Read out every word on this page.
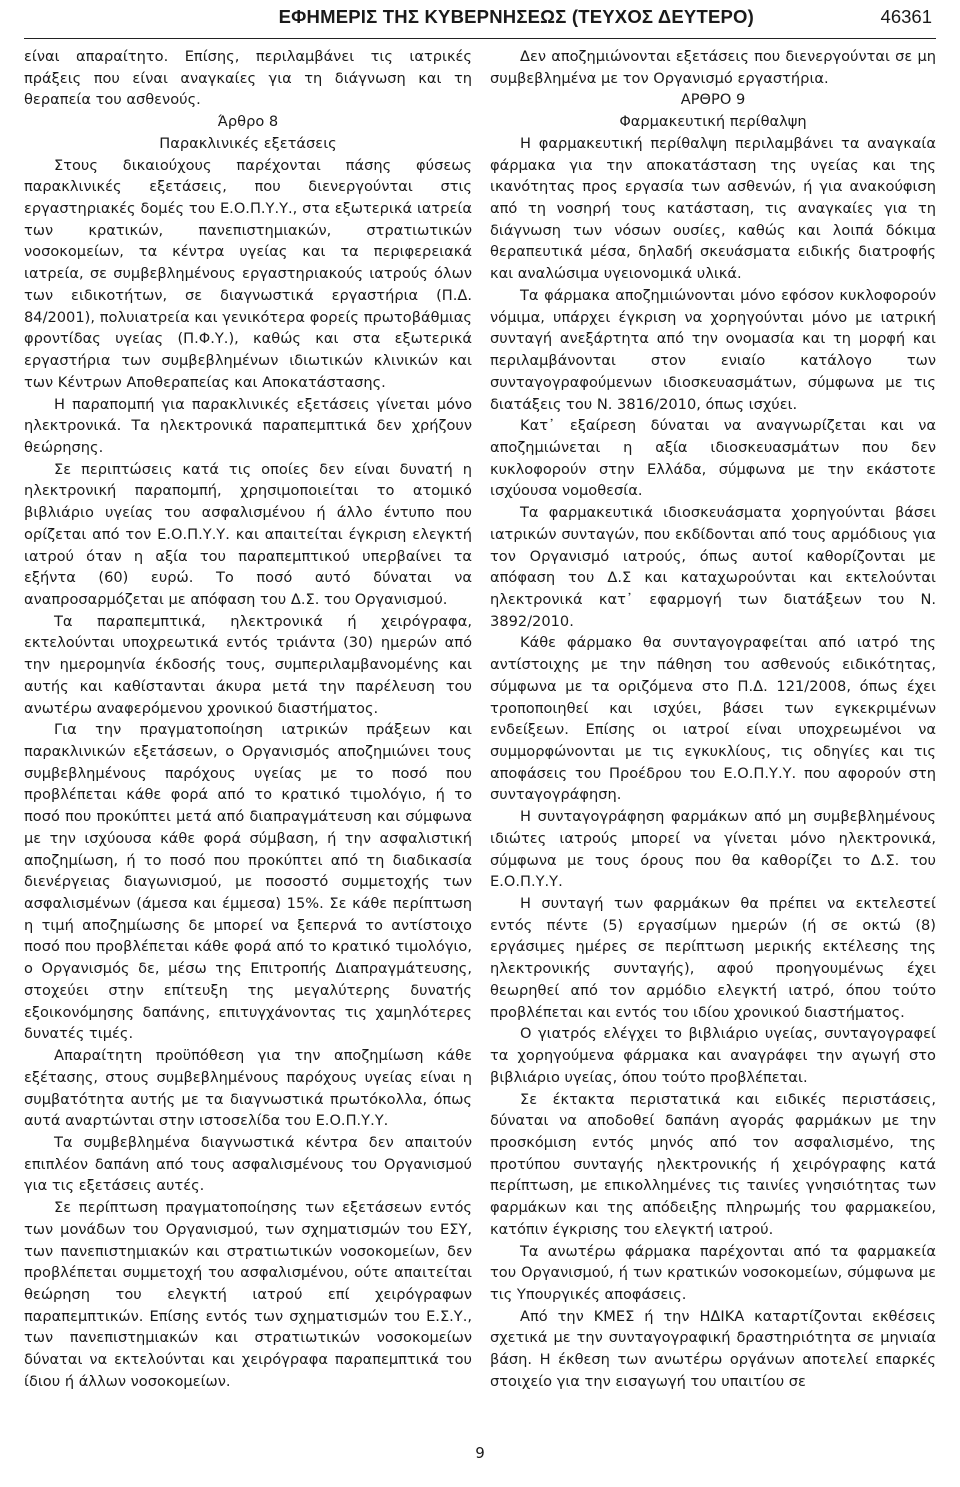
ΕΦΗΜΕΡΙΣ ΤΗΣ ΚΥΒΕΡΝΗΣΕΩΣ (ΤΕΥΧΟΣ ΔΕΥΤΕΡΟ)	46361

είναι απαραίτητο. Επίσης, περιλαμβάνει τις ιατρικές πράξεις που είναι αναγκαίες για τη διάγνωση και τη θεραπεία του ασθενούς.

Άρθρο 8

Παρακλινικές εξετάσεις

Στους δικαιούχους παρέχονται πάσης φύσεως παρακλινικές εξετάσεις, που διενεργούνται στις εργαστηριακές δομές του Ε.Ο.Π.Υ.Υ., στα εξωτερικά ιατρεία των κρατικών, πανεπιστημιακών, στρατιωτικών νοσοκομείων, τα κέντρα υγείας και τα περιφερειακά ιατρεία, σε συμβεβλημένους εργαστηριακούς ιατρούς όλων των ειδικοτήτων, σε διαγνωστικά εργαστήρια (Π.Δ. 84/2001), πολυιατρεία και γενικότερα φορείς πρωτοβάθμιας φροντίδας υγείας (Π.Φ.Υ.), καθώς και στα εξωτερικά εργαστήρια των συμβεβλημένων ιδιωτικών κλινικών και των Κέντρων Αποθεραπείας και Αποκατάστασης.

Η παραπομπή για παρακλινικές εξετάσεις γίνεται μόνο ηλεκτρονικά. Τα ηλεκτρονικά παραπεμπτικά δεν χρήζουν θεώρησης.

Σε περιπτώσεις κατά τις οποίες δεν είναι δυνατή η ηλεκτρονική παραπομπή, χρησιμοποιείται το ατομικό βιβλιάριο υγείας του ασφαλισμένου ή άλλο έντυπο που ορίζεται από τον Ε.Ο.Π.Υ.Υ. και απαιτείται έγκριση ελεγκτή ιατρού όταν η αξία του παραπεμπτικού υπερβαίνει τα εξήντα (60) ευρώ. Το ποσό αυτό δύναται να αναπροσαρμόζεται με απόφαση του Δ.Σ. του Οργανισμού.

Τα παραπεμπτικά, ηλεκτρονικά ή χειρόγραφα, εκτελούνται υποχρεωτικά εντός τριάντα (30) ημερών από την ημερομηνία έκδοσής τους, συμπεριλαμβανομένης και αυτής και καθίστανται άκυρα μετά την παρέλευση του ανωτέρω αναφερόμενου χρονικού διαστήματος.

Για την πραγματοποίηση ιατρικών πράξεων και παρακλινικών εξετάσεων, ο Οργανισμός αποζημιώνει τους συμβεβλημένους παρόχους υγείας με το ποσό που προβλέπεται κάθε φορά από το κρατικό τιμολόγιο, ή το ποσό που προκύπτει μετά από διαπραγμάτευση και σύμφωνα με την ισχύουσα κάθε φορά σύμβαση, ή την ασφαλιστική αποζημίωση, ή το ποσό που προκύπτει από τη διαδικασία διενέργειας διαγωνισμού, με ποσοστό συμμετοχής των ασφαλισμένων (άμεσα και έμμεσα) 15%. Σε κάθε περίπτωση η τιμή αποζημίωσης δε μπορεί να ξεπερνά το αντίστοιχο ποσό που προβλέπεται κάθε φορά από το κρατικό τιμολόγιο, ο Οργανισμός δε, μέσω της Επιτροπής Διαπραγμάτευσης, στοχεύει στην επίτευξη της μεγαλύτερης δυνατής εξοικονόμησης δαπάνης, επιτυγχάνοντας τις χαμηλότερες δυνατές τιμές.

Απαραίτητη προϋπόθεση για την αποζημίωση κάθε εξέτασης, στους συμβεβλημένους παρόχους υγείας είναι η συμβατότητα αυτής με τα διαγνωστικά πρωτόκολλα, όπως αυτά αναρτώνται στην ιστοσελίδα του Ε.Ο.Π.Υ.Υ.

Τα συμβεβλημένα διαγνωστικά κέντρα δεν απαιτούν επιπλέον δαπάνη από τους ασφαλισμένους του Οργανισμού για τις εξετάσεις αυτές.

Σε περίπτωση πραγματοποίησης των εξετάσεων εντός των μονάδων του Οργανισμού, των σχηματισμών του ΕΣΥ, των πανεπιστημιακών και στρατιωτικών νοσοκομείων, δεν προβλέπεται συμμετοχή του ασφαλισμένου, ούτε απαιτείται θεώρηση του ελεγκτή ιατρού επί χειρόγραφων παραπεμπτικών. Επίσης εντός των σχηματισμών του Ε.Σ.Υ., των πανεπιστημιακών και στρατιωτικών νοσοκομείων δύναται να εκτελούνται και χειρόγραφα παραπεμπτικά του ίδιου ή άλλων νοσοκομείων.

Δεν αποζημιώνονται εξετάσεις που διενεργούνται σε μη συμβεβλημένα με τον Οργανισμό εργαστήρια.

ΑΡΘΡΟ 9

Φαρμακευτική περίθαλψη

Η φαρμακευτική περίθαλψη περιλαμβάνει τα αναγκαία φάρμακα για την αποκατάσταση της υγείας και της ικανότητας προς εργασία των ασθενών, ή για ανακούφιση από τη νοσηρή τους κατάσταση, τις αναγκαίες για τη διάγνωση των νόσων ουσίες, καθώς και λοιπά δόκιμα θεραπευτικά μέσα, δηλαδή σκευάσματα ειδικής διατροφής και αναλώσιμα υγειονομικά υλικά.

Τα φάρμακα αποζημιώνονται μόνο εφόσον κυκλοφορούν νόμιμα, υπάρχει έγκριση να χορηγούνται μόνο με ιατρική συνταγή ανεξάρτητα από την ονομασία και τη μορφή και περιλαμβάνονται στον ενιαίο κατάλογο των συνταγογραφούμενων ιδιοσκευασμάτων, σύμφωνα με τις διατάξεις του Ν. 3816/2010, όπως ισχύει.

Κατ᾽ εξαίρεση δύναται να αναγνωρίζεται και να αποζημιώνεται η αξία ιδιοσκευασμάτων που δεν κυκλοφορούν στην Ελλάδα, σύμφωνα με την εκάστοτε ισχύουσα νομοθεσία.

Τα φαρμακευτικά ιδιοσκευάσματα χορηγούνται βάσει ιατρικών συνταγών, που εκδίδονται από τους αρμόδιους για τον Οργανισμό ιατρούς, όπως αυτοί καθορίζονται με απόφαση του Δ.Σ και καταχωρούνται και εκτελούνται ηλεκτρονικά κατ᾽ εφαρμογή των διατάξεων του Ν. 3892/2010.

Κάθε φάρμακο θα συνταγογραφείται από ιατρό της αντίστοιχης με την πάθηση του ασθενούς ειδικότητας, σύμφωνα με τα οριζόμενα στο Π.Δ. 121/2008, όπως έχει τροποποιηθεί και ισχύει, βάσει των εγκεκριμένων ενδείξεων. Επίσης οι ιατροί είναι υποχρεωμένοι να συμμορφώνονται με τις εγκυκλίους, τις οδηγίες και τις αποφάσεις του Προέδρου του Ε.Ο.Π.Υ.Υ. που αφορούν στη συνταγογράφηση.

Η συνταγογράφηση φαρμάκων από μη συμβεβλημένους ιδιώτες ιατρούς μπορεί να γίνεται μόνο ηλεκτρονικά, σύμφωνα με τους όρους που θα καθορίζει το Δ.Σ. του Ε.Ο.Π.Υ.Υ.

Η συνταγή των φαρμάκων θα πρέπει να εκτελεστεί εντός πέντε (5) εργασίμων ημερών (ή σε οκτώ (8) εργάσιμες ημέρες σε περίπτωση μερικής εκτέλεσης της ηλεκτρονικής συνταγής), αφού προηγουμένως έχει θεωρηθεί από τον αρμόδιο ελεγκτή ιατρό, όπου τούτο προβλέπεται και εντός του ιδίου χρονικού διαστήματος.

Ο γιατρός ελέγχει το βιβλιάριο υγείας, συνταγογραφεί τα χορηγούμενα φάρμακα και αναγράφει την αγωγή στο βιβλιάριο υγείας, όπου τούτο προβλέπεται.

Σε έκτακτα περιστατικά και ειδικές περιστάσεις, δύναται να αποδοθεί δαπάνη αγοράς φαρμάκων με την προσκόμιση εντός μηνός από τον ασφαλισμένο, της προτύπου συνταγής ηλεκτρονικής ή χειρόγραφης κατά περίπτωση, με επικολλημένες τις ταινίες γνησιότητας των φαρμάκων και της απόδειξης πληρωμής του φαρμακείου, κατόπιν έγκρισης του ελεγκτή ιατρού.

Τα ανωτέρω φάρμακα παρέχονται από τα φαρμακεία του Οργανισμού, ή των κρατικών νοσοκομείων, σύμφωνα με τις Υπουργικές αποφάσεις.

Από την ΚΜΕΣ ή την ΗΔΙΚΑ καταρτίζονται εκθέσεις σχετικά με την συνταγογραφική δραστηριότητα σε μηνιαία βάση. Η έκθεση των ανωτέρω οργάνων αποτελεί επαρκές στοιχείο για την εισαγωγή του υπαιτίου σε

9
